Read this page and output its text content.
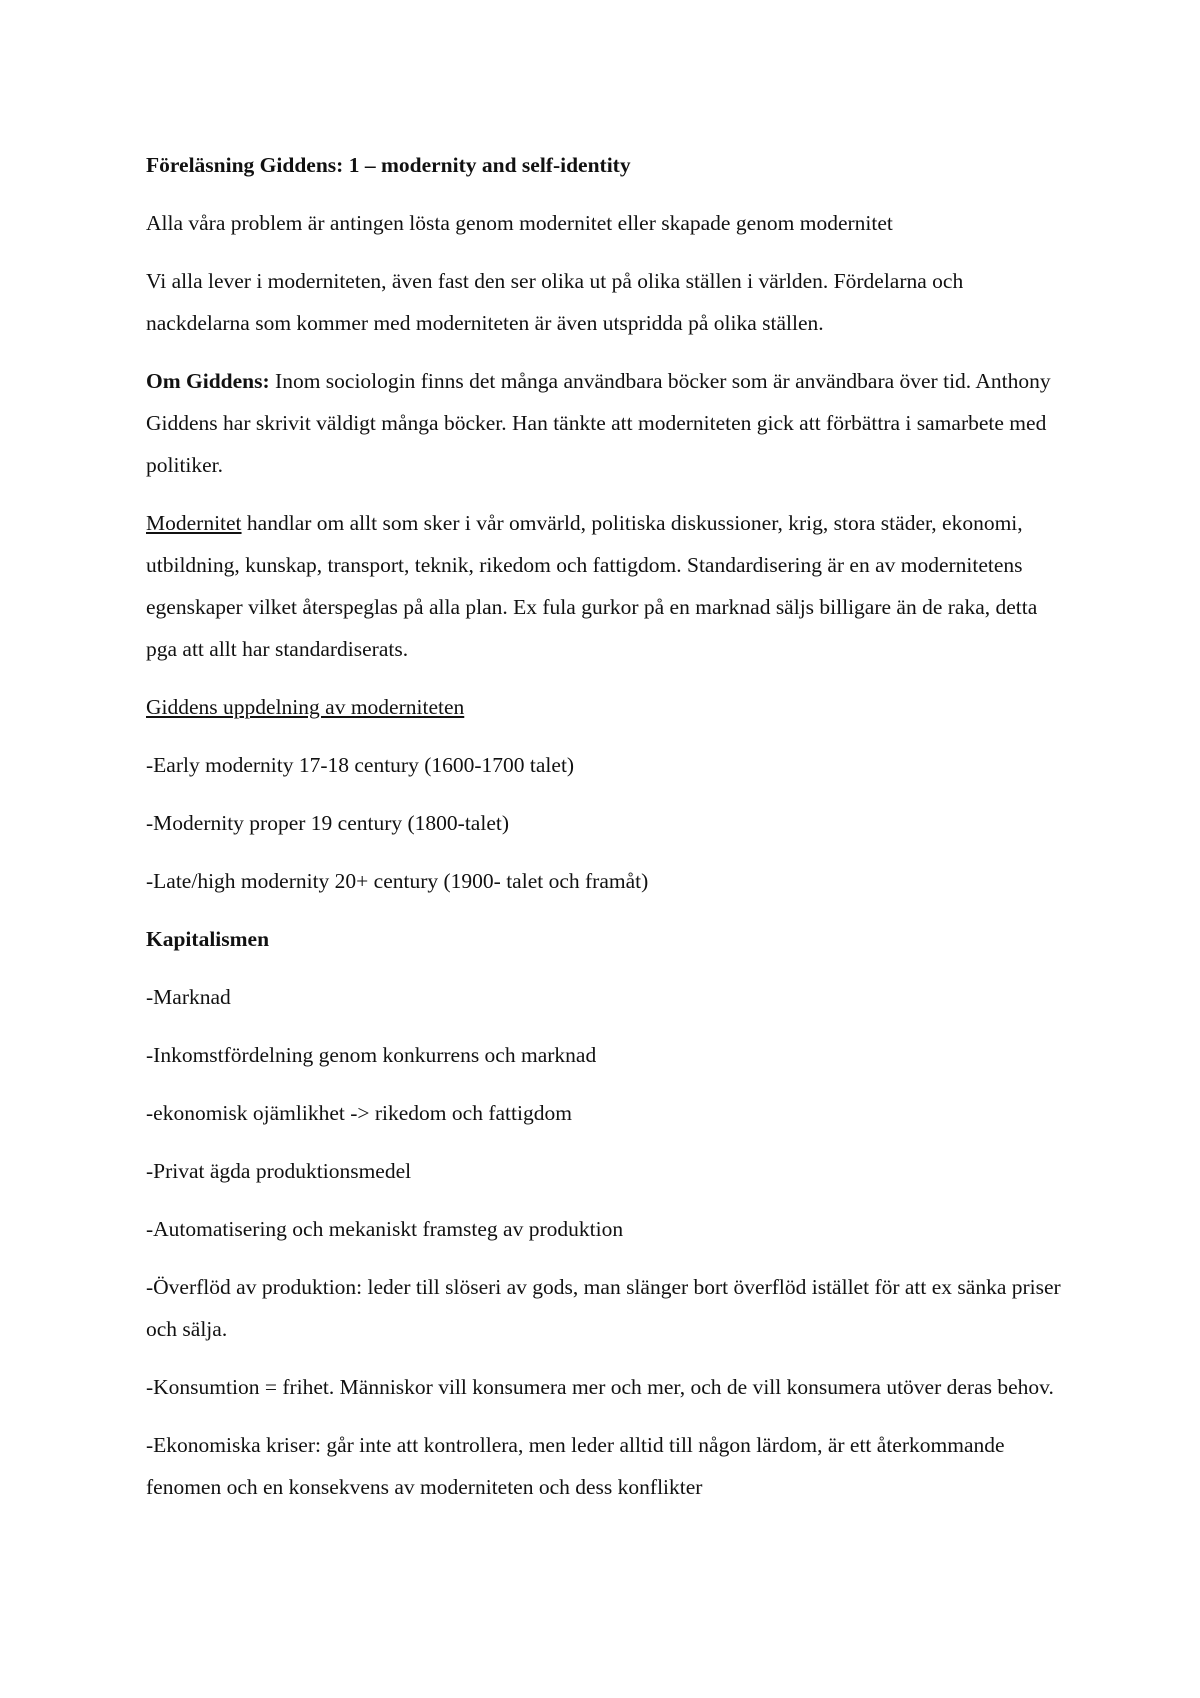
Föreläsning Giddens: 1 – modernity and self-identity

Alla våra problem är antingen lösta genom modernitet eller skapade genom modernitet

Vi alla lever i moderniteten, även fast den ser olika ut på olika ställen i världen. Fördelarna och nackdelarna som kommer med moderniteten är även utspridda på olika ställen.

Om Giddens: Inom sociologin finns det många användbara böcker som är användbara över tid. Anthony Giddens har skrivit väldigt många böcker. Han tänkte att moderniteten gick att förbättra i samarbete med politiker.

Modernitet handlar om allt som sker i vår omvärld, politiska diskussioner, krig, stora städer, ekonomi, utbildning, kunskap, transport, teknik, rikedom och fattigdom. Standardisering är en av modernitetens egenskaper vilket återspeglas på alla plan. Ex fula gurkor på en marknad säljs billigare än de raka, detta pga att allt har standardiserats.

Giddens uppdelning av moderniteten

-Early modernity 17-18 century (1600-1700 talet)

-Modernity proper 19 century (1800-talet)

-Late/high modernity 20+ century (1900- talet och framåt)

Kapitalismen

-Marknad

-Inkomstfördelning genom konkurrens och marknad

-ekonomisk ojämlikhet -> rikedom och fattigdom

-Privat ägda produktionsmedel

-Automatisering och mekaniskt framsteg av produktion

-Överflöd av produktion: leder till slöseri av gods, man slänger bort överflöd istället för att ex sänka priser och sälja.

-Konsumtion = frihet. Människor vill konsumera mer och mer, och de vill konsumera utöver deras behov.

-Ekonomiska kriser: går inte att kontrollera, men leder alltid till någon lärdom, är ett återkommande fenomen och en konsekvens av moderniteten och dess konflikter
